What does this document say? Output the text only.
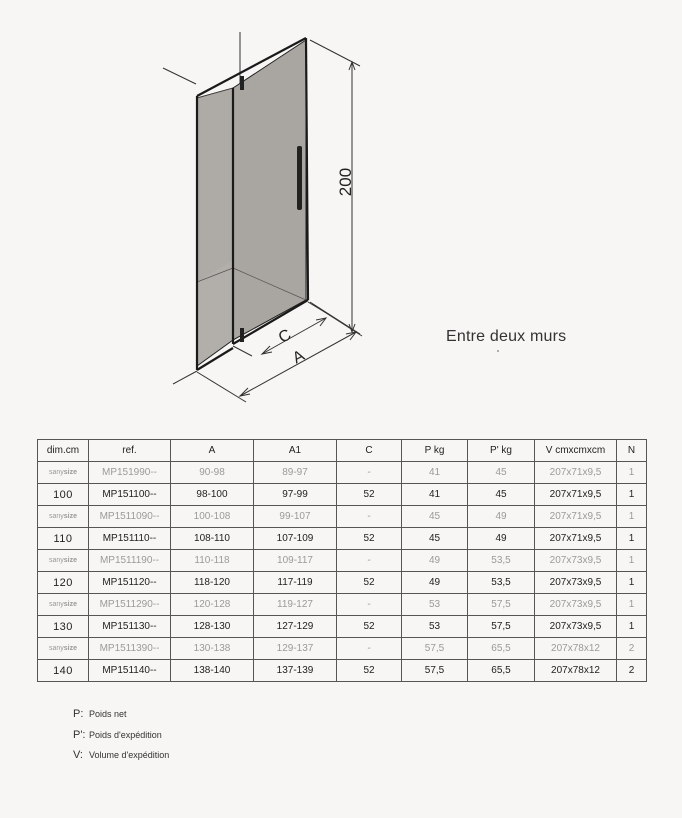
200
C
A
Entre deux murs
dim.cm	ref.	A	A1	C	P kg	P' kg	V cmxcmxcm	N
sanysize	MP151990--	90-98	89-97	-	41	45	207x71x9,5	1
100	MP151100--	98-100	97-99	52	41	45	207x71x9,5	1
sanysize	MP1511090--	100-108	99-107	-	45	49	207x71x9,5	1
110	MP151110--	108-110	107-109	52	45	49	207x71x9,5	1
sanysize	MP1511190--	110-118	109-117	-	49	53,5	207x73x9,5	1
120	MP151120--	118-120	117-119	52	49	53,5	207x73x9,5	1
sanysize	MP1511290--	120-128	119-127	-	53	57,5	207x73x9,5	1
130	MP151130--	128-130	127-129	52	53	57,5	207x73x9,5	1
sanysize	MP1511390--	130-138	129-137	-	57,5	65,5	207x78x12	2
140	MP151140--	138-140	137-139	52	57,5	65,5	207x78x12	2
P: Poids net
P': Poids d'expédition
V: Volume d'expédition
